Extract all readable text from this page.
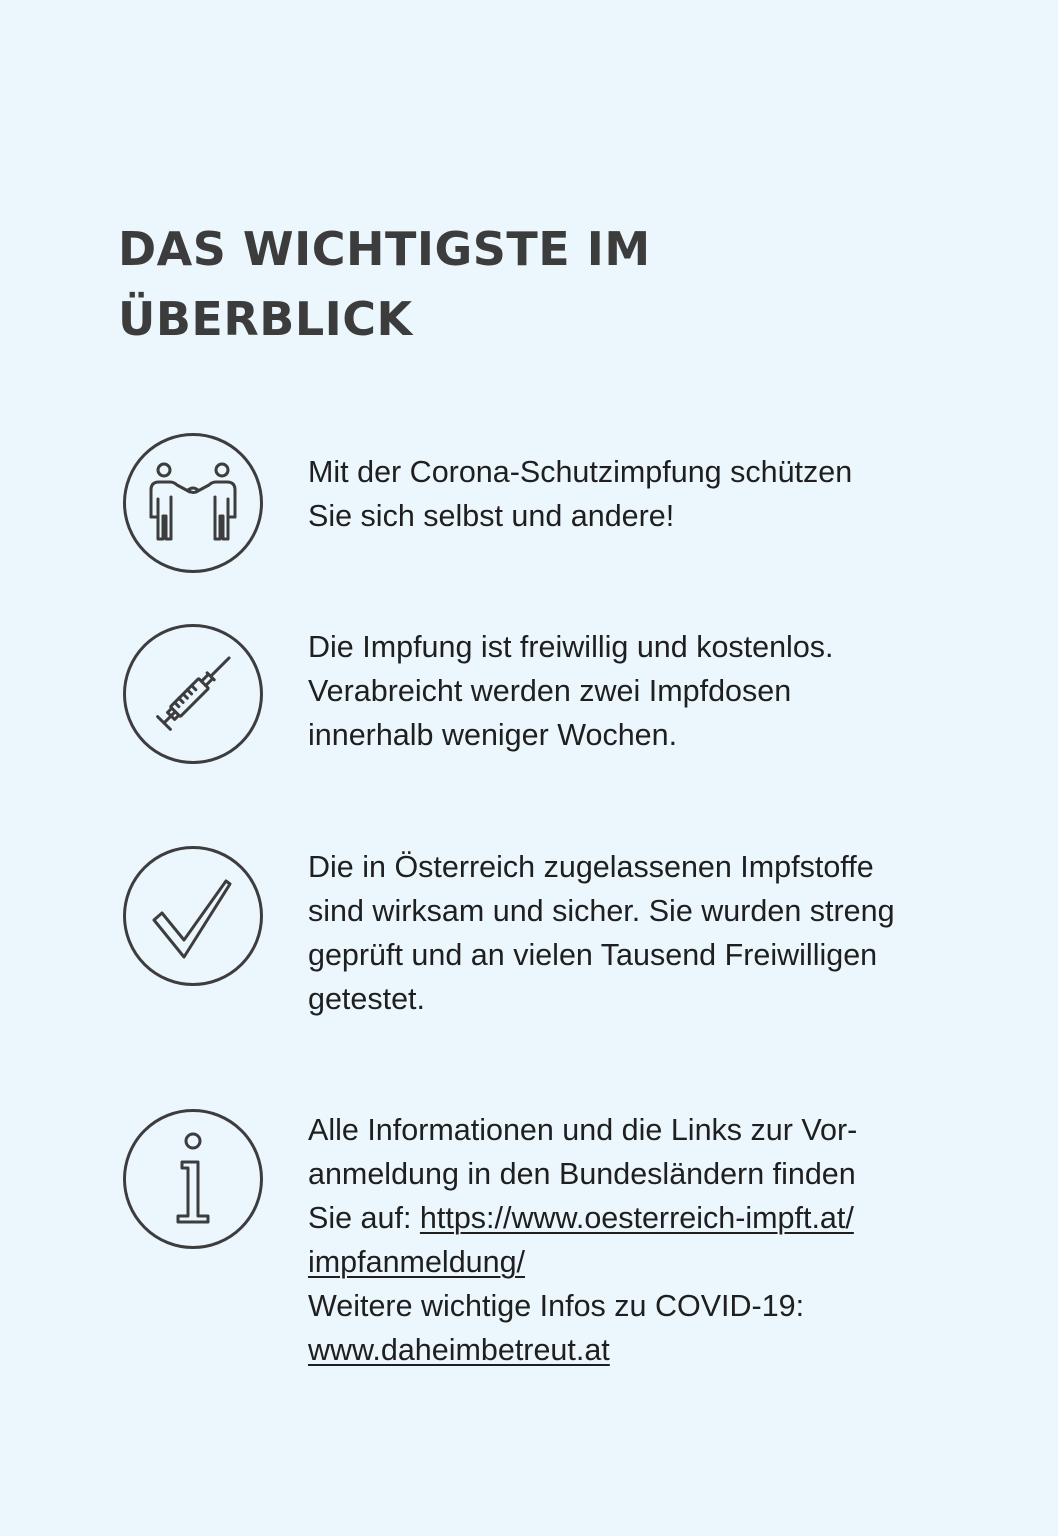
DAS WICHTIGSTE IM
ÜBERBLICK
Mit der Corona-Schutzimpfung schützen
Sie sich selbst und andere!
Die Impfung ist freiwillig und kostenlos.
Verabreicht werden zwei Impfdosen
innerhalb weniger Wochen.
Die in Österreich zugelassenen Impfstoffe
sind wirksam und sicher. Sie wurden streng
geprüft und an vielen Tausend Freiwilligen
getestet.
Alle Informationen und die Links zur Vor-
anmeldung in den Bundesländern finden
Sie auf: https://www.oesterreich-impft.at/
impfanmeldung/
Weitere wichtige Infos zu COVID-19:
www.daheimbetreut.at
